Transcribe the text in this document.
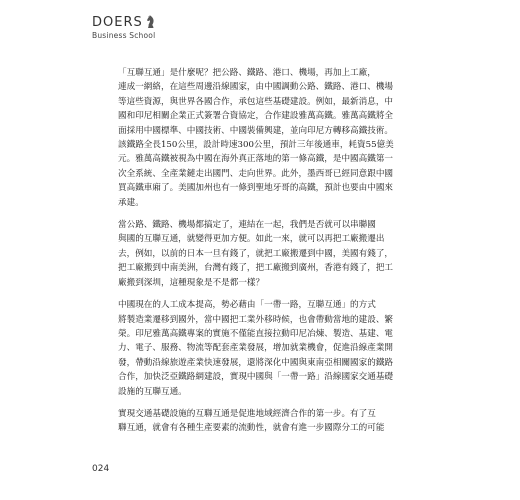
DOERS
Business School
「互聯互通」是什麼呢？把公路、鐵路、港口、機場，再加上工廠，
連成一網絡，在這些周邊沿線國家，由中國調動公路、鐵路、港口、機場
等這些資源，與世界各國合作，承包這些基礎建設。例如，最新消息，中
國和印尼相關企業正式簽署合資協定，合作建設雅萬高鐵。雅萬高鐵將全
面採用中國標準、中國技術、中國裝備興建，並向印尼方轉移高鐵技術。
該鐵路全長150公里，設計時速300公里，預計三年後通車，耗資55億美
元。雅萬高鐵被視為中國在海外真正落地的第一條高鐵，是中國高鐵第一
次全系統、全產業鏈走出國門、走向世界。此外，墨西哥已經同意跟中國
買高鐵車廂了。美國加州也有一條到聖地牙哥的高鐵，預計也要由中國來
承建。
當公路、鐵路、機場都搞定了，連結在一起，我們是否就可以串聯國
與國的互聯互通，就變得更加方便。如此一來，就可以再把工廠搬遷出
去，例如，以前的日本一旦有錢了，就把工廠搬遷到中國，美國有錢了，
把工廠搬到中南美洲，台灣有錢了，把工廠搬到廣州，香港有錢了，把工
廠搬到深圳，這種現象是不是都一樣？
中國現在的人工成本提高，勢必藉由「一帶一路，互聯互通」的方式
將製造業遷移到國外，當中國把工業外移時候，也會帶動當地的建設、繁
榮。印尼雅萬高鐵專案的實施不僅能直接拉動印尼冶煉、製造、基建、電
力、電子、服務、物流等配套產業發展，增加就業機會，促進沿線產業開
發，帶動沿線旅遊產業快速發展，還將深化中國與東南亞相關國家的鐵路
合作，加快泛亞鐵路網建設，實現中國與「一帶一路」沿線國家交通基礎
設施的互聯互通。
實現交通基礎設施的互聯互通是促進地域經濟合作的第一步。有了互
聯互通，就會有各種生產要素的流動性，就會有進一步國際分工的可能
024
